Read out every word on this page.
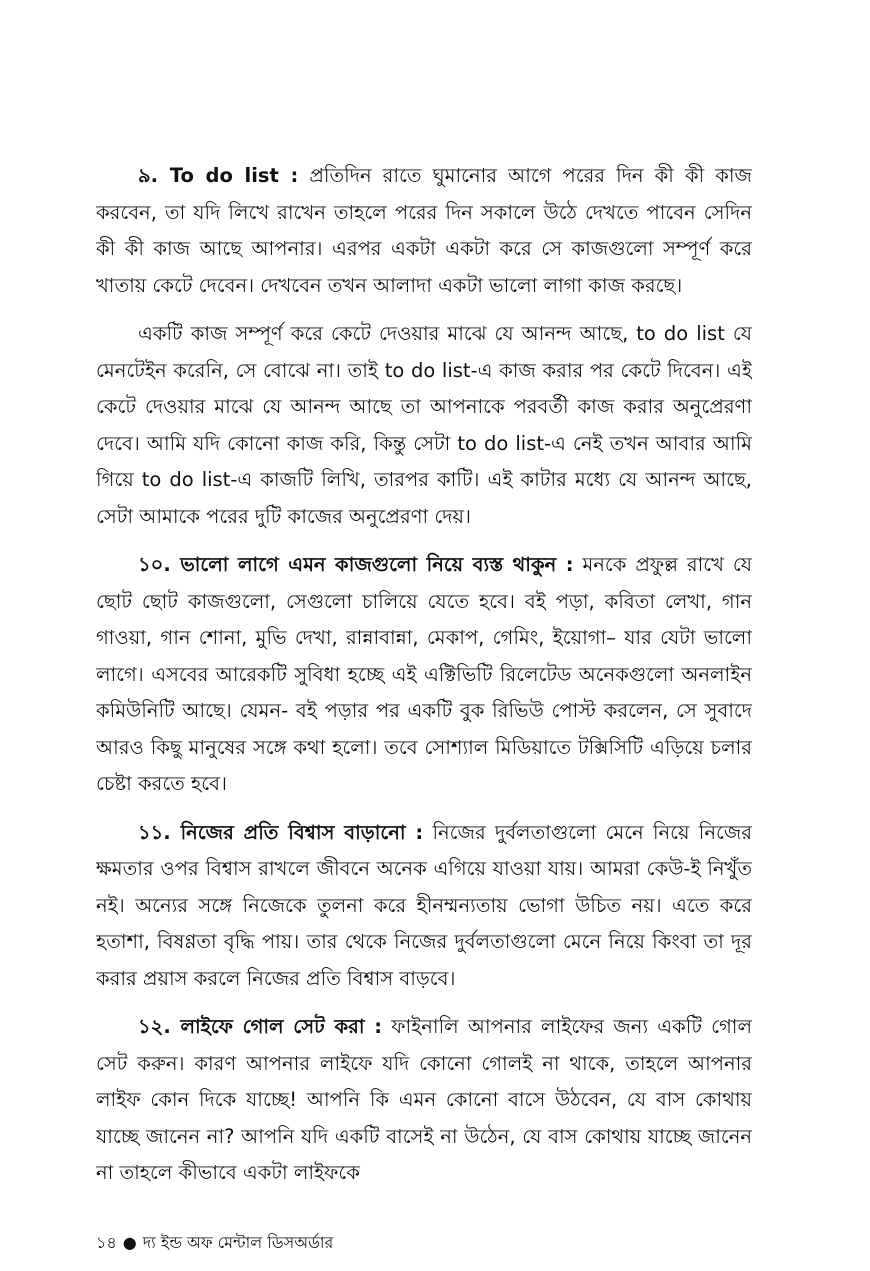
৯. To do list : প্রতিদিন রাতে ঘুমানোর আগে পরের দিন কী কী কাজ করবেন, তা যদি লিখে রাখেন তাহলে পরের দিন সকালে উঠে দেখতে পাবেন সেদিন কী কী কাজ আছে আপনার। এরপর একটা একটা করে সে কাজগুলো সম্পূর্ণ করে খাতায় কেটে দেবেন। দেখবেন তখন আলাদা একটা ভালো লাগা কাজ করছে।

একটি কাজ সম্পূর্ণ করে কেটে দেওয়ার মাঝে যে আনন্দ আছে, to do list যে মেনটেইন করেনি, সে বোঝে না। তাই to do list-এ কাজ করার পর কেটে দিবেন। এই কেটে দেওয়ার মাঝে যে আনন্দ আছে তা আপনাকে পরবর্তী কাজ করার অনুপ্রেরণা দেবে। আমি যদি কোনো কাজ করি, কিন্তু সেটা to do list-এ নেই তখন আবার আমি গিয়ে to do list-এ কাজটি লিখি, তারপর কাটি। এই কাটার মধ্যে যে আনন্দ আছে, সেটা আমাকে পরের দুটি কাজের অনুপ্রেরণা দেয়।

১০. ভালো লাগে এমন কাজগুলো নিয়ে ব্যস্ত থাকুন : মনকে প্রফুল্ল রাখে যে ছোট ছোট কাজগুলো, সেগুলো চালিয়ে যেতে হবে। বই পড়া, কবিতা লেখা, গান গাওয়া, গান শোনা, মুভি দেখা, রান্নাবান্না, মেকাপ, গেমিং, ইয়োগা– যার যেটা ভালো লাগে। এসবের আরেকটি সুবিধা হচ্ছে এই এক্টিভিটি রিলেটেড অনেকগুলো অনলাইন কমিউনিটি আছে। যেমন- বই পড়ার পর একটি বুক রিভিউ পোস্ট করলেন, সে সুবাদে আরও কিছু মানুষের সঙ্গে কথা হলো। তবে সোশ্যাল মিডিয়াতে টক্সিসিটি এড়িয়ে চলার চেষ্টা করতে হবে।

১১. নিজের প্রতি বিশ্বাস বাড়ানো : নিজের দুর্বলতাগুলো মেনে নিয়ে নিজের ক্ষমতার ওপর বিশ্বাস রাখলে জীবনে অনেক এগিয়ে যাওয়া যায়। আমরা কেউ-ই নিখুঁত নই। অন্যের সঙ্গে নিজেকে তুলনা করে হীনম্মন্যতায় ভোগা উচিত নয়। এতে করে হতাশা, বিষণ্ণতা বৃদ্ধি পায়। তার থেকে নিজের দুর্বলতাগুলো মেনে নিয়ে কিংবা তা দূর করার প্রয়াস করলে নিজের প্রতি বিশ্বাস বাড়বে।

১২. লাইফে গোল সেট করা : ফাইনালি আপনার লাইফের জন্য একটি গোল সেট করুন। কারণ আপনার লাইফে যদি কোনো গোলই না থাকে, তাহলে আপনার লাইফ কোন দিকে যাচ্ছে! আপনি কি এমন কোনো বাসে উঠবেন, যে বাস কোথায় যাচ্ছে জানেন না? আপনি যদি একটি বাসেই না উঠেন, যে বাস কোথায় যাচ্ছে জানেন না তাহলে কীভাবে একটা লাইফকে

১৪ ● দ্য ইন্ড অফ মেন্টাল ডিসঅর্ডার
